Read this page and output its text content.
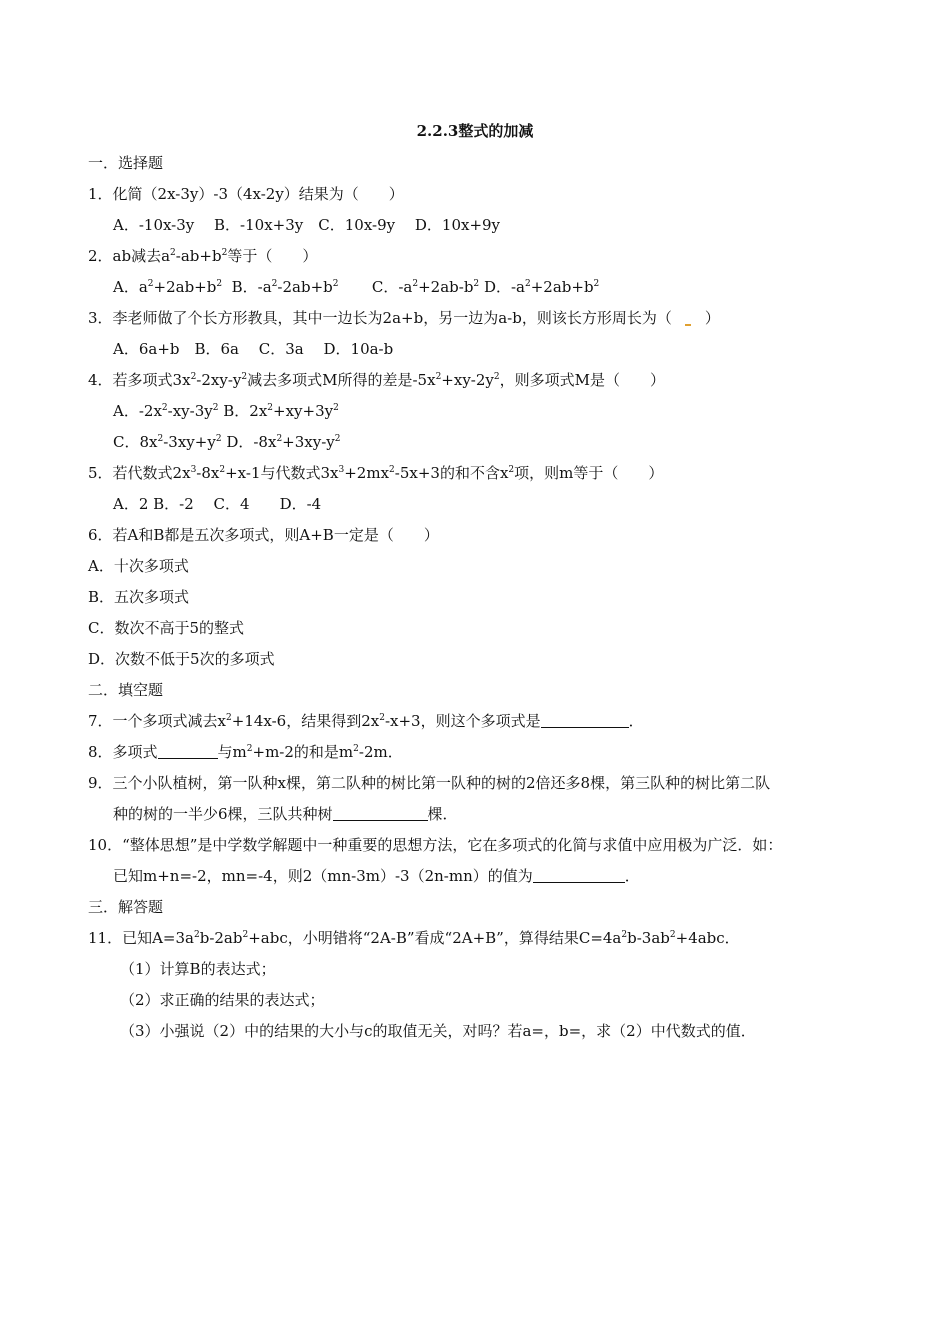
2.2.3整式的加减
一．选择题
1．化简（2x-3y）-3（4x-2y）结果为（　　）
A．-10x-3y　 B．-10x+3y　C．10x-9y　 D．10x+9y
2．ab减去$a^2-ab+b^2$等于（　　）
A．$a^2+2ab+b^2$ B．$-a^2-2ab+b^2$ C．$-a^2+2ab-b^2$ D．$-a^2+2ab+b^2$
3．李老师做了个长方形教具，其中一边长为2a+b，另一边为a-b，则该长方形周长为（ ）
A．6a+b　B．6a　 C．3a　 D．10a-b
4．若多项式$3x^2-2xy-y^2$减去多项式M所得的差是$-5x^2+xy-2y^2$，则多项式M是（　　）
A．$-2x^2-xy-3y^2$ B．$2x^2+xy+3y^2$
C．$8x^2-3xy+y^2$ D．$-8x^2+3xy-y^2$
5．若代数式$2x^3-8x^2+x-1$与代数式$3x^3+2mx^2-5x+3$的和不含$x^2$项，则m等于（　　）
A．2 B．-2　 C．4　　D．-4
6．若A和B都是五次多项式，则A+B一定是（　　）
A．十次多项式
B．五次多项式
C．数次不高于5的整式
D．次数不低于5次的多项式
二．填空题
7．一个多项式减去$x^2+14x-6$，结果得到$2x^2-x+3$，则这个多项式是	．
8．多项式	与$m^2+m-2$的和是$m^2-2m$．
9．三个小队植树，第一队种x棵，第二队种的树比第一队种的树的2倍还多8棵，第三队种的树比第二队
种的树的一半少6棵，三队共种树	棵．
10．“整体思想”是中学数学解题中一种重要的思想方法，它在多项式的化简与求值中应用极为广泛．如：
已知m+n=-2，mn=-4，则2（mn-3m）-3（2n-mn）的值为	．
三．解答题
11．已知$A=3a^2b-2ab^2+abc$，小明错将“2A-B”看成“2A+B”，算得结果$C=4a^2b-3ab^2+4abc$．
（1）计算B的表达式；
（2）求正确的结果的表达式；
（3）小强说（2）中的结果的大小与c的取值无关，对吗？若a=，b=，求（2）中代数式的值．
